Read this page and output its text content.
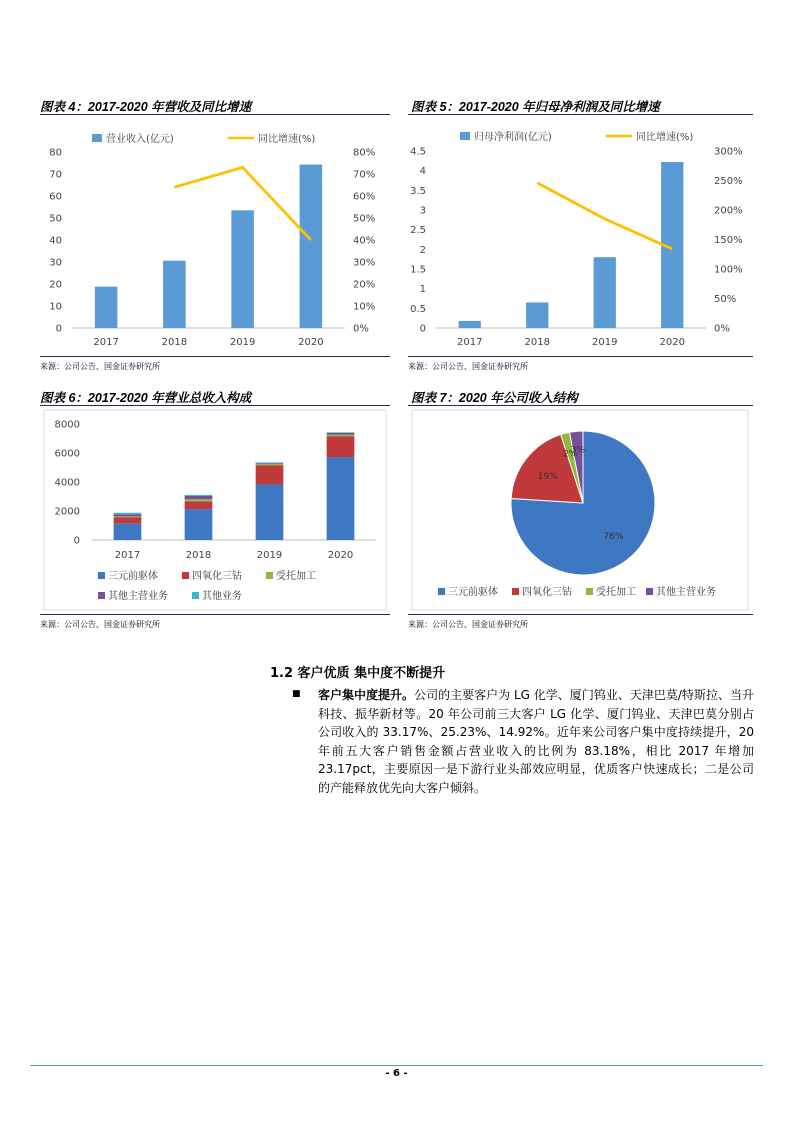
图表 4：2017-2020 年营收及同比增速
营业收入(亿元)	同比增速(%)
0
10
20
30
40
50
60
70
80
0%
10%
20%
30%
40%
50%
60%
70%
80%
2017	2018	2019	2020
来源：公司公告、国金证券研究所
图表 5：2017-2020 年归母净利润及同比增速
归母净利润(亿元)	同比增速(%)
0
0.5
1
1.5
2
2.5
3
3.5
4
4.5
0%
50%
100%
150%
200%
250%
300%
2017	2018	2019	2020
来源：公司公告、国金证券研究所
图表 6：2017-2020 年营业总收入构成
0
2000
4000
6000
8000
2017	2018	2019	2020
三元前驱体	四氧化三钴	受托加工
其他主营业务	其他业务
来源：公司公告、国金证券研究所
图表 7：2020 年公司收入结构
76%
19%
2%
3%
三元前驱体 四氧化三钴 受托加工 其他主营业务
来源：公司公告、国金证券研究所
1.2 客户优质 集中度不断提升
■ 客户集中度提升。公司的主要客户为 LG 化学、厦门钨业、天津巴莫/特斯拉、当升科技、振华新材等。20 年公司前三大客户 LG 化学、厦门钨业、天津巴莫分别占公司收入的 33.17%、25.23%、14.92%。近年来公司客户集中度持续提升，20 年前五大客户销售金额占营业收入的比例为 83.18%，相比 2017 年增加 23.17pct，主要原因一是下游行业头部效应明显，优质客户快速成长；二是公司的产能释放优先向大客户倾斜。
- 6 -
